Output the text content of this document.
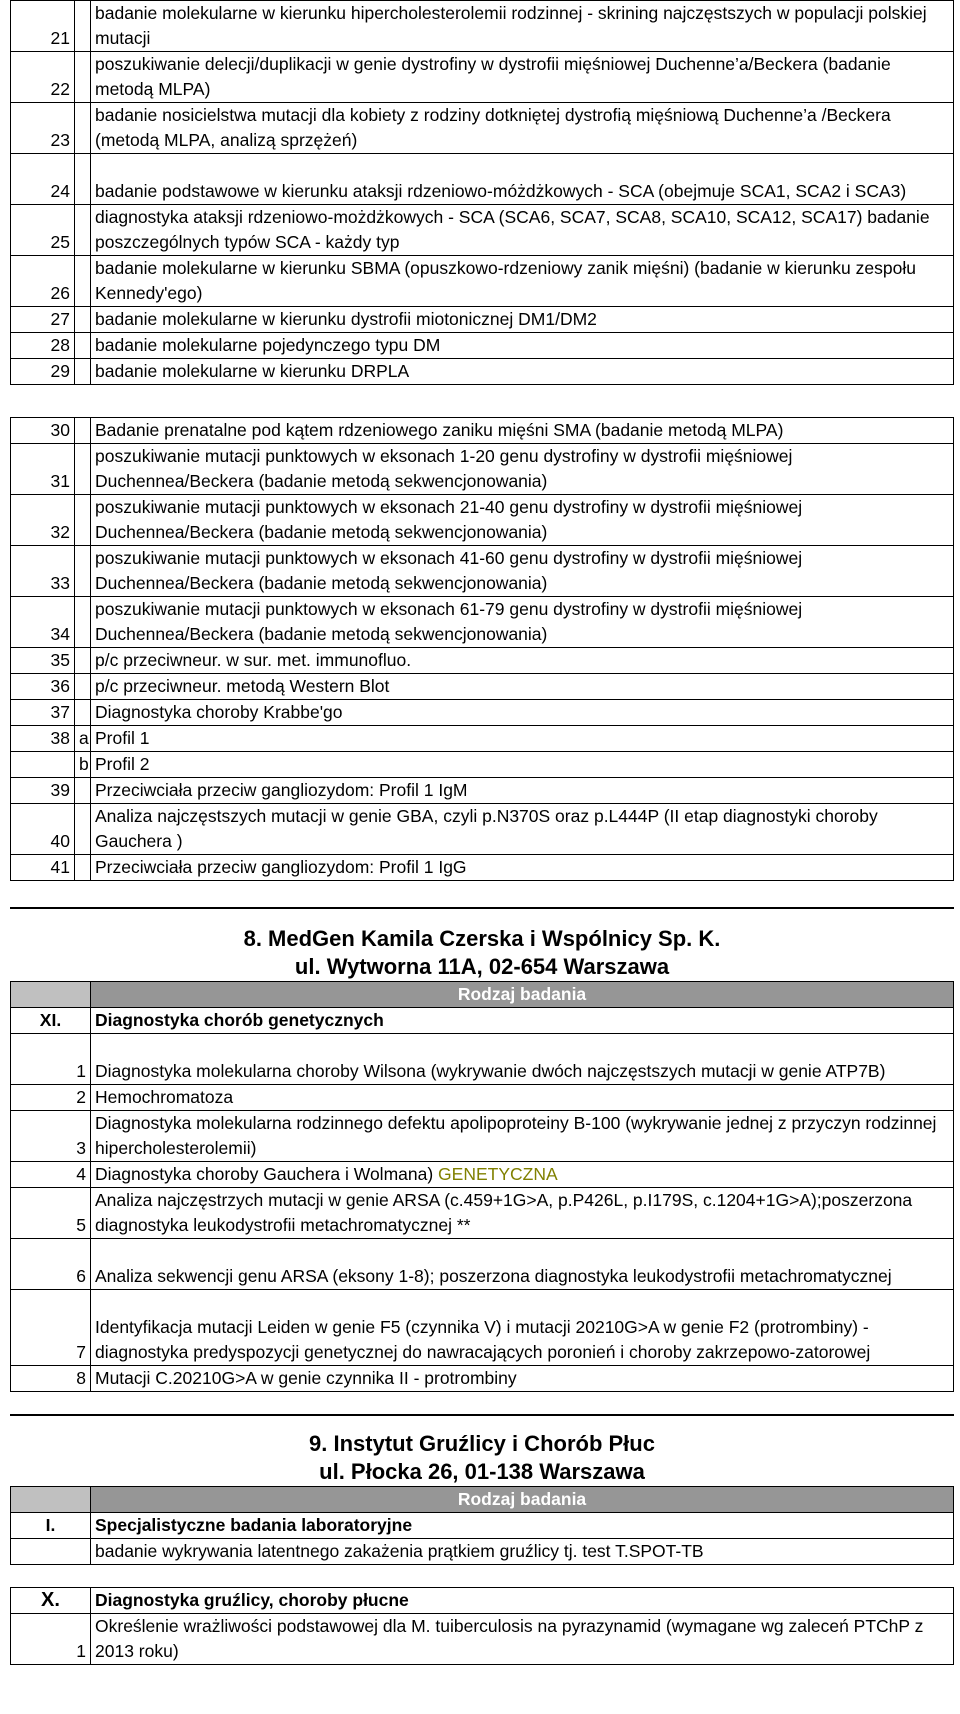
21		badanie molekularne w kierunku hipercholesterolemii rodzinnej - skrining najczęstszych w populacji polskiej mutacji
22		poszukiwanie delecji/duplikacji w genie dystrofiny w dystrofii mięśniowej Duchenne’a/Beckera (badanie metodą MLPA)
23		badanie nosicielstwa mutacji dla kobiety z rodziny dotkniętej dystrofią mięśniową Duchenne’a /Beckera (metodą MLPA, analizą sprzężeń)
24		badanie podstawowe w kierunku ataksji rdzeniowo-móżdżkowych - SCA (obejmuje SCA1, SCA2 i SCA3)
25		diagnostyka ataksji rdzeniowo-możdżkowych - SCA (SCA6, SCA7, SCA8, SCA10, SCA12, SCA17) badanie poszczególnych typów SCA - każdy typ
26		badanie molekularne w kierunku SBMA (opuszkowo-rdzeniowy zanik mięśni) (badanie w kierunku zespołu Kennedy'ego)
27		badanie molekularne w kierunku dystrofii miotonicznej DM1/DM2
28		badanie molekularne pojedynczego typu DM
29		badanie molekularne w kierunku DRPLA
30		Badanie prenatalne pod kątem rdzeniowego zaniku mięśni SMA (badanie metodą MLPA)
31		poszukiwanie mutacji punktowych w eksonach 1-20 genu dystrofiny w dystrofii mięśniowej Duchennea/Beckera (badanie metodą sekwencjonowania)
32		poszukiwanie mutacji punktowych w eksonach 21-40 genu dystrofiny w dystrofii mięśniowej Duchennea/Beckera (badanie metodą sekwencjonowania)
33		poszukiwanie mutacji punktowych w eksonach 41-60 genu dystrofiny w dystrofii mięśniowej Duchennea/Beckera (badanie metodą sekwencjonowania)
34		poszukiwanie mutacji punktowych w eksonach 61-79 genu dystrofiny w dystrofii mięśniowej Duchennea/Beckera (badanie metodą sekwencjonowania)
35		p/c przeciwneur. w sur. met. immunofluo.
36		p/c przeciwneur. metodą Western Blot
37		Diagnostyka choroby Krabbe'go
38	a	Profil 1
	b	Profil 2
39		Przeciwciała przeciw gangliozydom: Profil 1 IgM
40		Analiza najczęstszych mutacji w genie GBA, czyli p.N370S oraz p.L444P (II etap diagnostyki choroby Gauchera )
41		Przeciwciała przeciw gangliozydom: Profil 1 IgG
8. MedGen Kamila Czerska i Wspólnicy Sp. K.
ul. Wytworna 11A, 02-654 Warszawa
	Rodzaj badania
XI.	Diagnostyka chorób genetycznych
1	Diagnostyka molekularna choroby Wilsona (wykrywanie dwóch najczęstszych mutacji w genie ATP7B)
2	Hemochromatoza
3	Diagnostyka molekularna rodzinnego defektu apolipoproteiny B-100 (wykrywanie jednej z przyczyn rodzinnej hipercholesterolemii)
4	Diagnostyka choroby Gauchera i Wolmana) GENETYCZNA
5	Analiza najczęstrzych mutacji w genie ARSA (c.459+1G>A, p.P426L, p.I179S, c.1204+1G>A);poszerzona diagnostyka leukodystrofii metachromatycznej **
6	Analiza sekwencji genu ARSA (eksony 1-8); poszerzona diagnostyka leukodystrofii metachromatycznej
7	Identyfikacja mutacji Leiden w genie F5 (czynnika V) i mutacji 20210G>A w genie F2 (protrombiny) - diagnostyka predyspozycji genetycznej do nawracających poronień i choroby zakrzepowo-zatorowej
8	Mutacji C.20210G>A w genie czynnika II - protrombiny
9. Instytut Gruźlicy i Chorób Płuc
ul. Płocka 26, 01-138 Warszawa
	Rodzaj badania
I.	Specjalistyczne badania laboratoryjne
	badanie wykrywania latentnego zakażenia prątkiem gruźlicy tj. test T.SPOT-TB
X.	Diagnostyka gruźlicy, choroby płucne
1	Określenie wrażliwości podstawowej dla M. tuiberculosis na pyrazynamid (wymagane wg zaleceń PTChP z 2013 roku)
